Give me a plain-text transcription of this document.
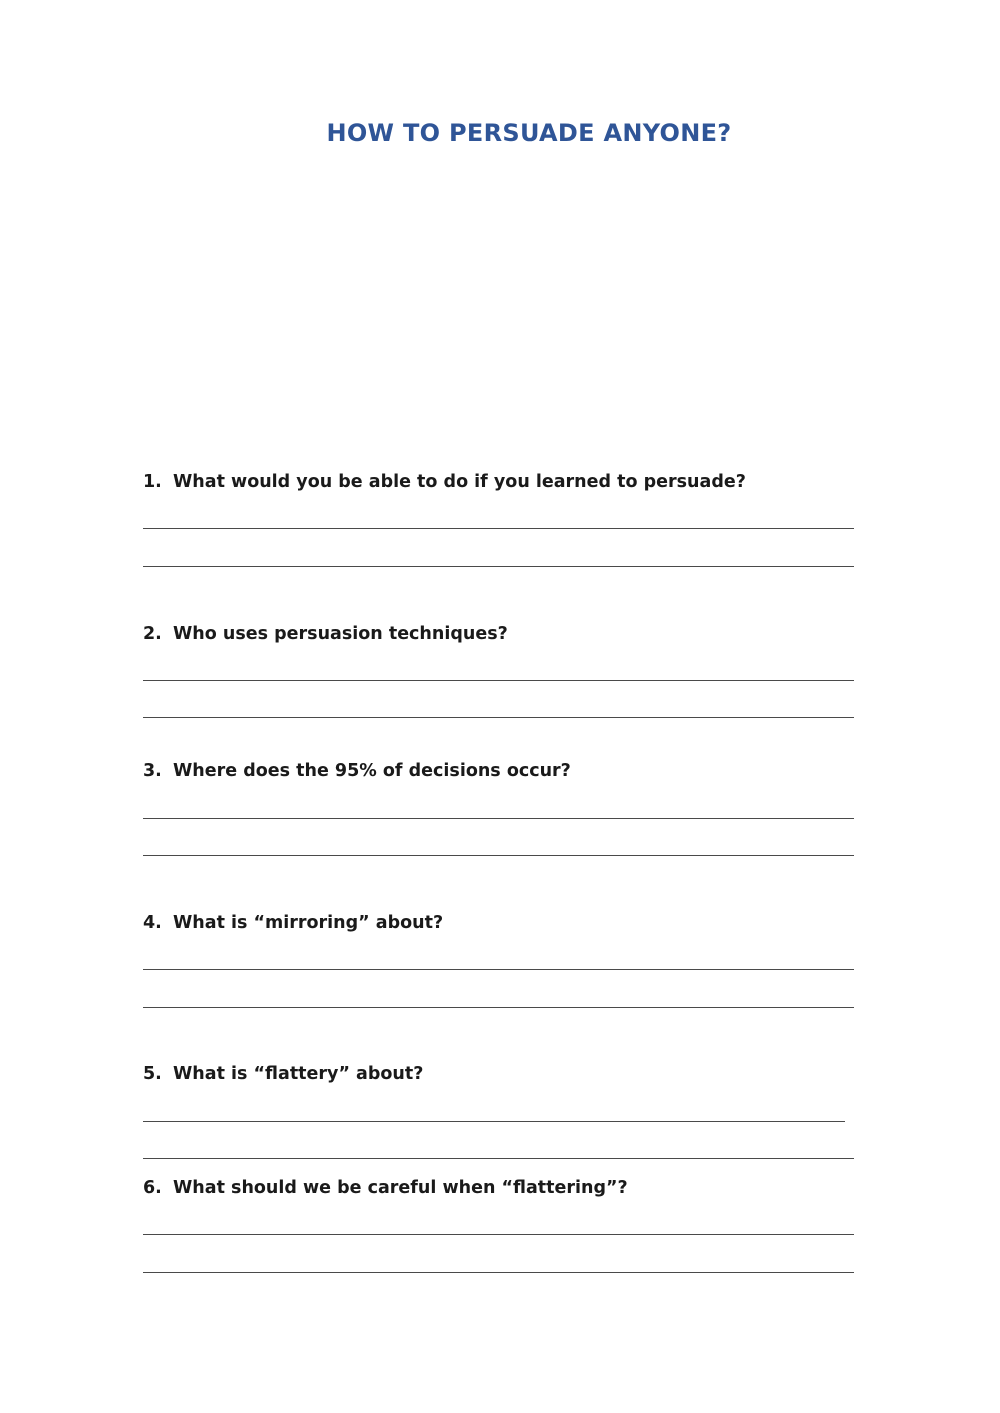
HOW TO PERSUADE ANYONE?
1. What would you be able to do if you learned to persuade?
2. Who uses persuasion techniques?
3. Where does the 95% of decisions occur?
4. What is “mirroring” about?
5. What is “flattery” about?
6. What should we be careful when “flattering”?
